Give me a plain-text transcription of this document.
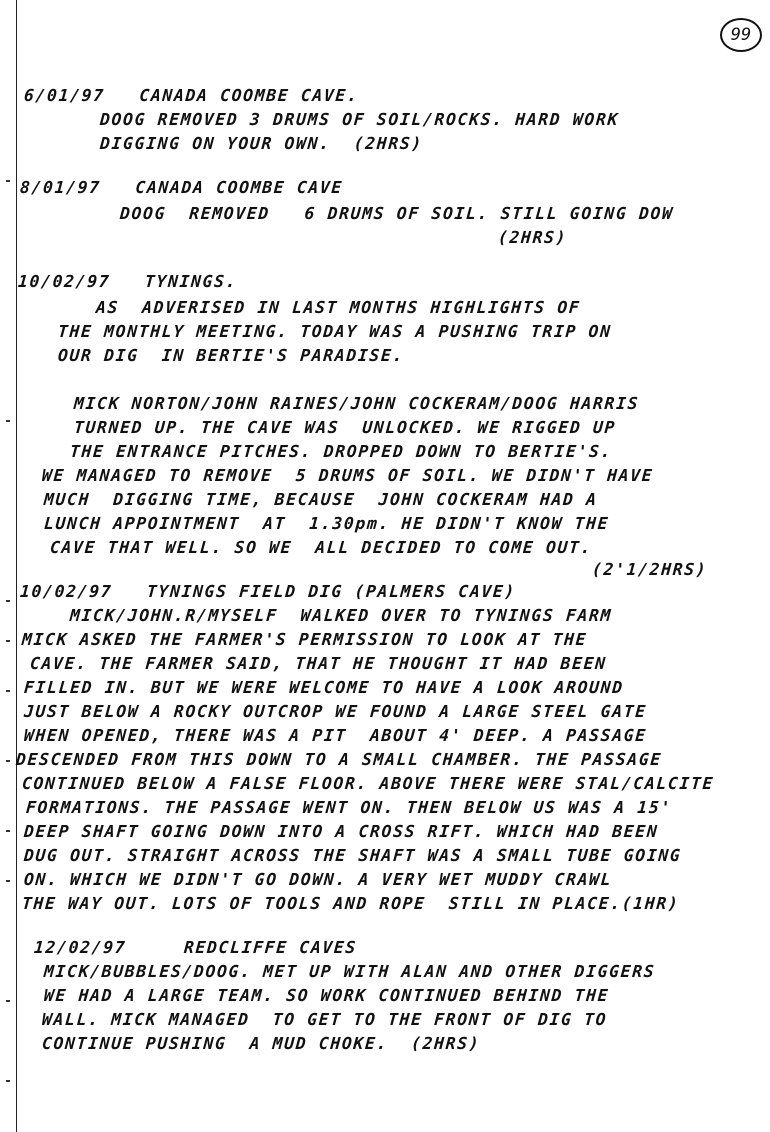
99
6/01/97 CANADA COOMBE CAVE.
DOOG REMOVED 3 DRUMS OF SOIL/ROCKS. HARD WORK
DIGGING ON YOUR OWN.  (2HRS)
8/01/97 CANADA COOMBE CAVE
DOOG  REMOVED   6 DRUMS OF SOIL. STILL GOING DOW
(2HRS)
10/02/97 TYNINGS.
AS  ADVERISED IN LAST MONTHS HIGHLIGHTS OF
THE MONTHLY MEETING. TODAY WAS A PUSHING TRIP ON
OUR DIG  IN BERTIE'S PARADISE.
MICK NORTON/JOHN RAINES/JOHN COCKERAM/DOOG HARRIS
TURNED UP. THE CAVE WAS  UNLOCKED. WE RIGGED UP
THE ENTRANCE PITCHES. DROPPED DOWN TO BERTIE'S.
WE MANAGED TO REMOVE  5 DRUMS OF SOIL. WE DIDN'T HAVE
MUCH  DIGGING TIME, BECAUSE  JOHN COCKERAM HAD A
LUNCH APPOINTMENT  AT  1.30pm. HE DIDN'T KNOW THE
CAVE THAT WELL. SO WE  ALL DECIDED TO COME OUT.
(2'1/2HRS)
10/02/97 TYNINGS FIELD DIG (PALMERS CAVE)
MICK/JOHN.R/MYSELF  WALKED OVER TO TYNINGS FARM
MICK ASKED THE FARMER'S PERMISSION TO LOOK AT THE
CAVE. THE FARMER SAID, THAT HE THOUGHT IT HAD BEEN
FILLED IN. BUT WE WERE WELCOME TO HAVE A LOOK AROUND
JUST BELOW A ROCKY OUTCROP WE FOUND A LARGE STEEL GATE
WHEN OPENED, THERE WAS A PIT  ABOUT 4' DEEP. A PASSAGE
DESCENDED FROM THIS DOWN TO A SMALL CHAMBER. THE PASSAGE
CONTINUED BELOW A FALSE FLOOR. ABOVE THERE WERE STAL/CALCITE
FORMATIONS. THE PASSAGE WENT ON. THEN BELOW US WAS A 15'
DEEP SHAFT GOING DOWN INTO A CROSS RIFT. WHICH HAD BEEN
DUG OUT. STRAIGHT ACROSS THE SHAFT WAS A SMALL TUBE GOING
ON. WHICH WE DIDN'T GO DOWN. A VERY WET MUDDY CRAWL
THE WAY OUT. LOTS OF TOOLS AND ROPE  STILL IN PLACE.(1HR)
12/02/97	REDCLIFFE CAVES
MICK/BUBBLES/DOOG. MET UP WITH ALAN AND OTHER DIGGERS
WE HAD A LARGE TEAM. SO WORK CONTINUED BEHIND THE
WALL. MICK MANAGED  TO GET TO THE FRONT OF DIG TO
CONTINUE PUSHING  A MUD CHOKE.  (2HRS)
